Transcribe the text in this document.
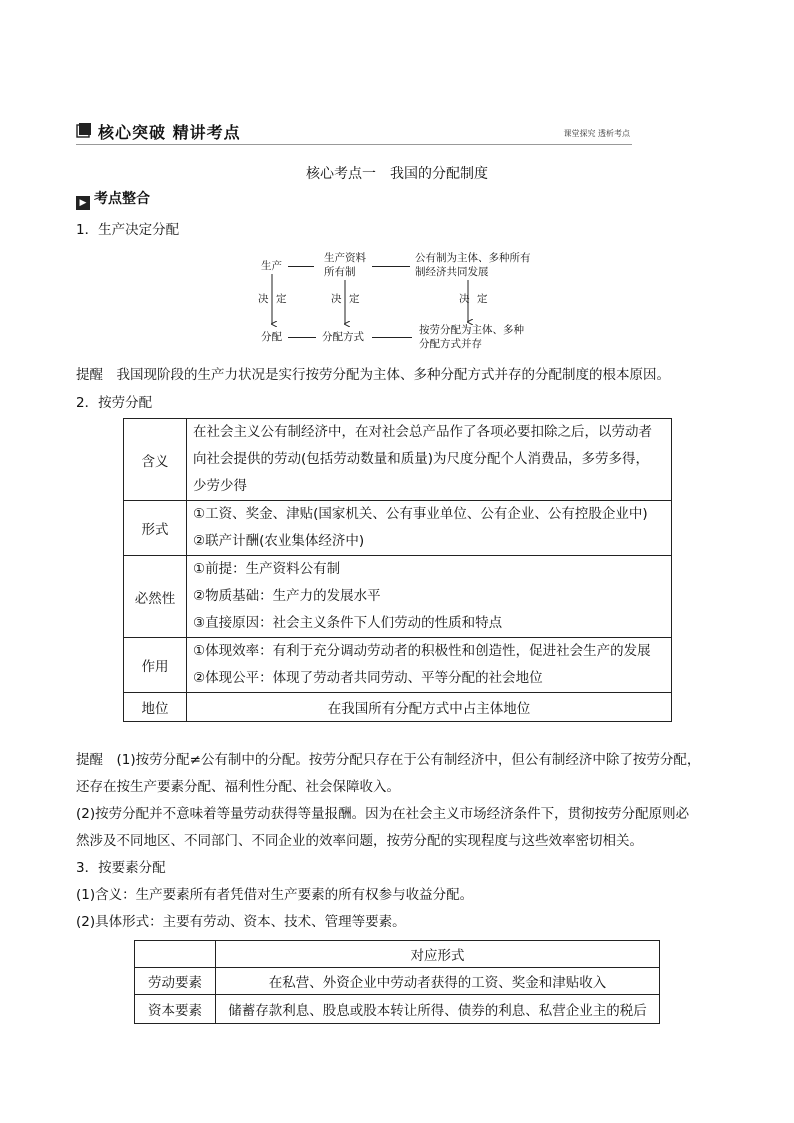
核心突破 精讲考点	课堂探究 透析考点
核心考点一　我国的分配制度
▶ 考点整合
1．生产决定分配
生产
生产资料
所有制
公有制为主体、多种所有
制经济共同发展
决 定	决 定	决 定
分配	分配方式
按劳分配为主体、多种
分配方式并存
提醒　我国现阶段的生产力状况是实行按劳分配为主体、多种分配方式并存的分配制度的根本原因。
2．按劳分配
含义	在社会主义公有制经济中，在对社会总产品作了各项必要扣除之后，以劳动者
向社会提供的劳动(包括劳动数量和质量)为尺度分配个人消费品，多劳多得，
少劳少得

形式	①工资、奖金、津贴(国家机关、公有事业单位、公有企业、公有控股企业中)
②联产计酬(农业集体经济中)

必然性	①前提：生产资料公有制
②物质基础：生产力的发展水平
③直接原因：社会主义条件下人们劳动的性质和特点

作用	①体现效率：有利于充分调动劳动者的积极性和创造性，促进社会生产的发展
②体现公平：体现了劳动者共同劳动、平等分配的社会地位

地位	在我国所有分配方式中占主体地位
提醒　(1)按劳分配≠公有制中的分配。按劳分配只存在于公有制经济中，但公有制经济中除了按劳分配，
还存在按生产要素分配、福利性分配、社会保障收入。
(2)按劳分配并不意味着等量劳动获得等量报酬。因为在社会主义市场经济条件下，贯彻按劳分配原则必
然涉及不同地区、不同部门、不同企业的效率问题，按劳分配的实现程度与这些效率密切相关。
3．按要素分配
(1)含义：生产要素所有者凭借对生产要素的所有权参与收益分配。
(2)具体形式：主要有劳动、资本、技术、管理等要素。
	对应形式
劳动要素	在私营、外资企业中劳动者获得的工资、奖金和津贴收入
资本要素	储蓄存款利息、股息或股本转让所得、债券的利息、私营企业主的税后
